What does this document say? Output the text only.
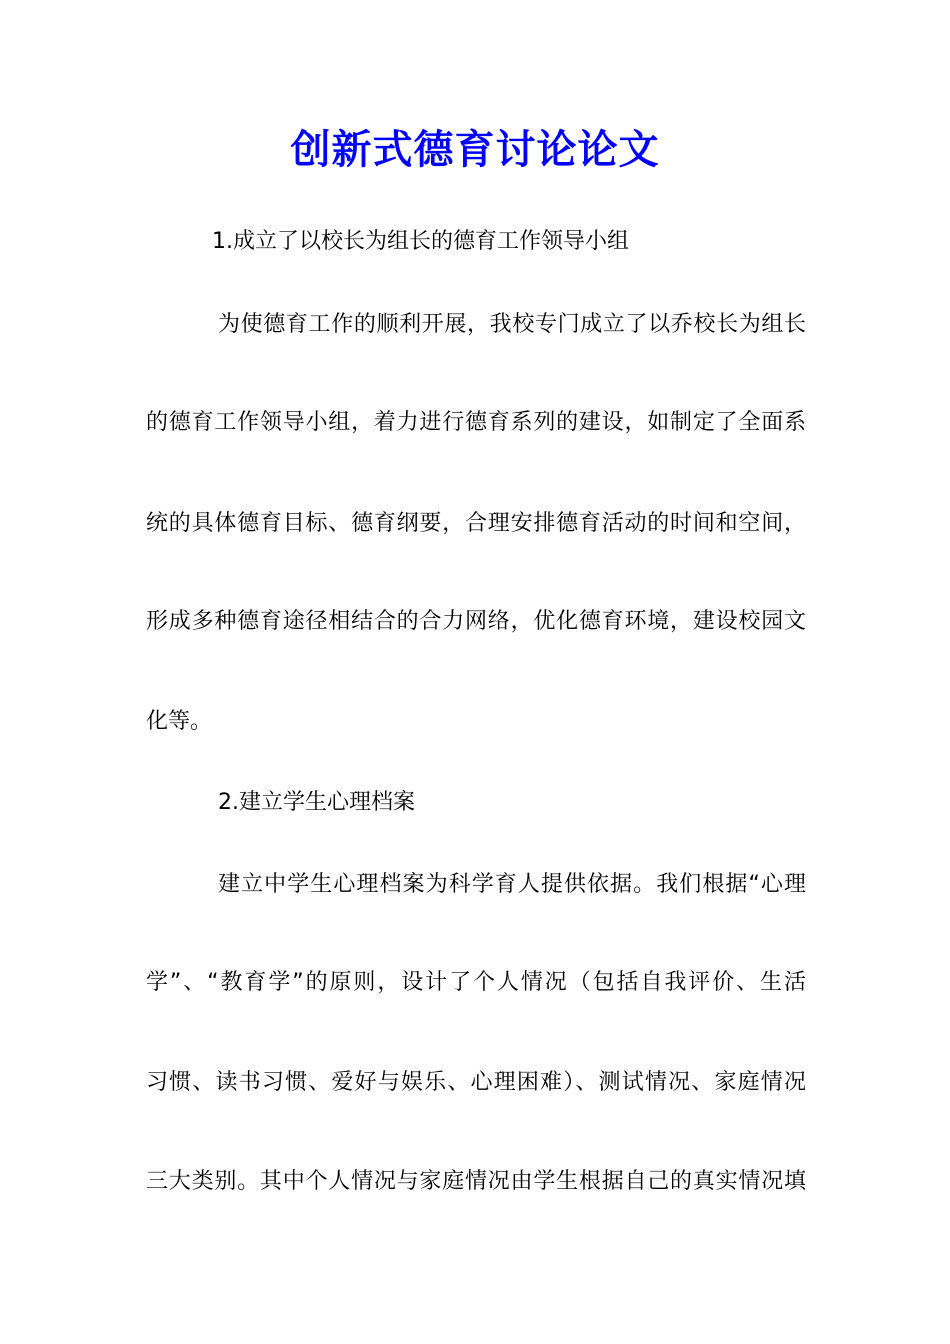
创新式德育讨论论文
1.成立了以校长为组长的德育工作领导小组
为使德育工作的顺利开展，我校专门成立了以乔校长为组长
的德育工作领导小组，着力进行德育系列的建设，如制定了全面系
统的具体德育目标、德育纲要，合理安排德育活动的时间和空间，
形成多种德育途径相结合的合力网络，优化德育环境，建设校园文
化等。
2.建立学生心理档案
建立中学生心理档案为科学育人提供依据。我们根据“心理
学”、“教育学”的原则，设计了个人情况（包括自我评价、生活
习惯、读书习惯、爱好与娱乐、心理困难）、测试情况、家庭情况
三大类别。其中个人情况与家庭情况由学生根据自己的真实情况填
